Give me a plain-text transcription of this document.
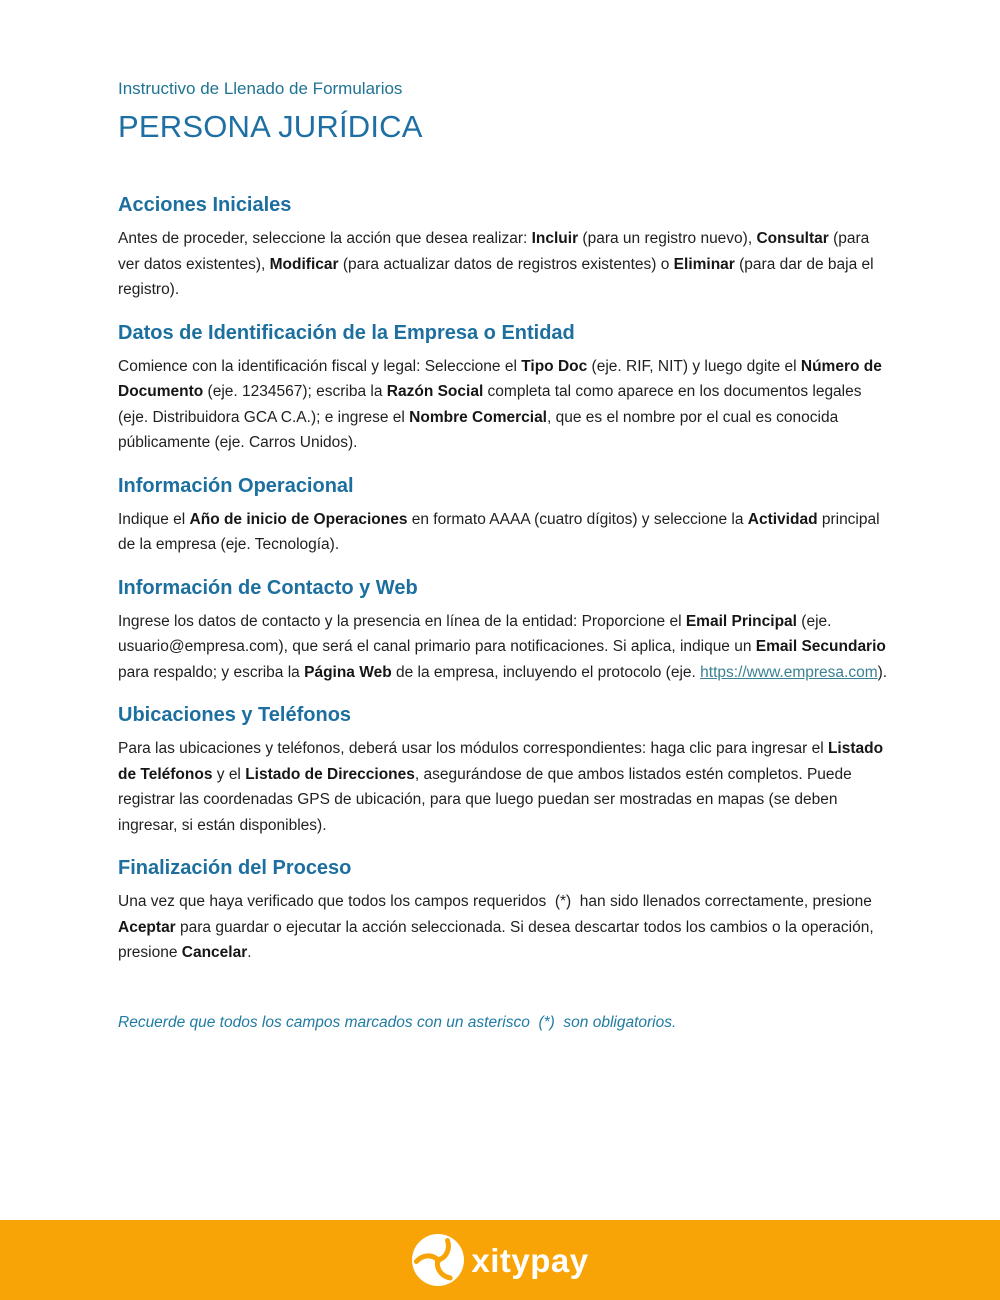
Instructivo de Llenado de Formularios
PERSONA JURÍDICA
Acciones Iniciales

Antes de proceder, seleccione la acción que desea realizar: Incluir (para un registro nuevo), Consultar (para ver datos existentes), Modificar (para actualizar datos de registros existentes) o Eliminar (para dar de baja el registro).

Datos de Identificación de la Empresa o Entidad

Comience con la identificación fiscal y legal: Seleccione el Tipo Doc (eje. RIF, NIT) y luego dgite el Número de Documento (eje. 1234567); escriba la Razón Social completa tal como aparece en los documentos legales (eje. Distribuidora GCA C.A.); e ingrese el Nombre Comercial, que es el nombre por el cual es conocida públicamente (eje. Carros Unidos).

Información Operacional

Indique el Año de inicio de Operaciones en formato AAAA (cuatro dígitos) y seleccione la Actividad principal de la empresa (eje. Tecnología).

Información de Contacto y Web

Ingrese los datos de contacto y la presencia en línea de la entidad: Proporcione el Email Principal (eje. usuario@empresa.com), que será el canal primario para notificaciones. Si aplica, indique un Email Secundario para respaldo; y escriba la Página Web de la empresa, incluyendo el protocolo (eje. https://www.empresa.com).

Ubicaciones y Teléfonos

Para las ubicaciones y teléfonos, deberá usar los módulos correspondientes: haga clic para ingresar el Listado de Teléfonos y el Listado de Direcciones, asegurándose de que ambos listados estén completos. Puede registrar las coordenadas GPS de ubicación, para que luego puedan ser mostradas en mapas (se deben ingresar, si están disponibles).

Finalización del Proceso

Una vez que haya verificado que todos los campos requeridos  (*)  han sido llenados correctamente, presione Aceptar para guardar o ejecutar la acción seleccionada. Si desea descartar todos los cambios o la operación, presione Cancelar.

Recuerde que todos los campos marcados con un asterisco  (*)  son obligatorios.

xitypay
